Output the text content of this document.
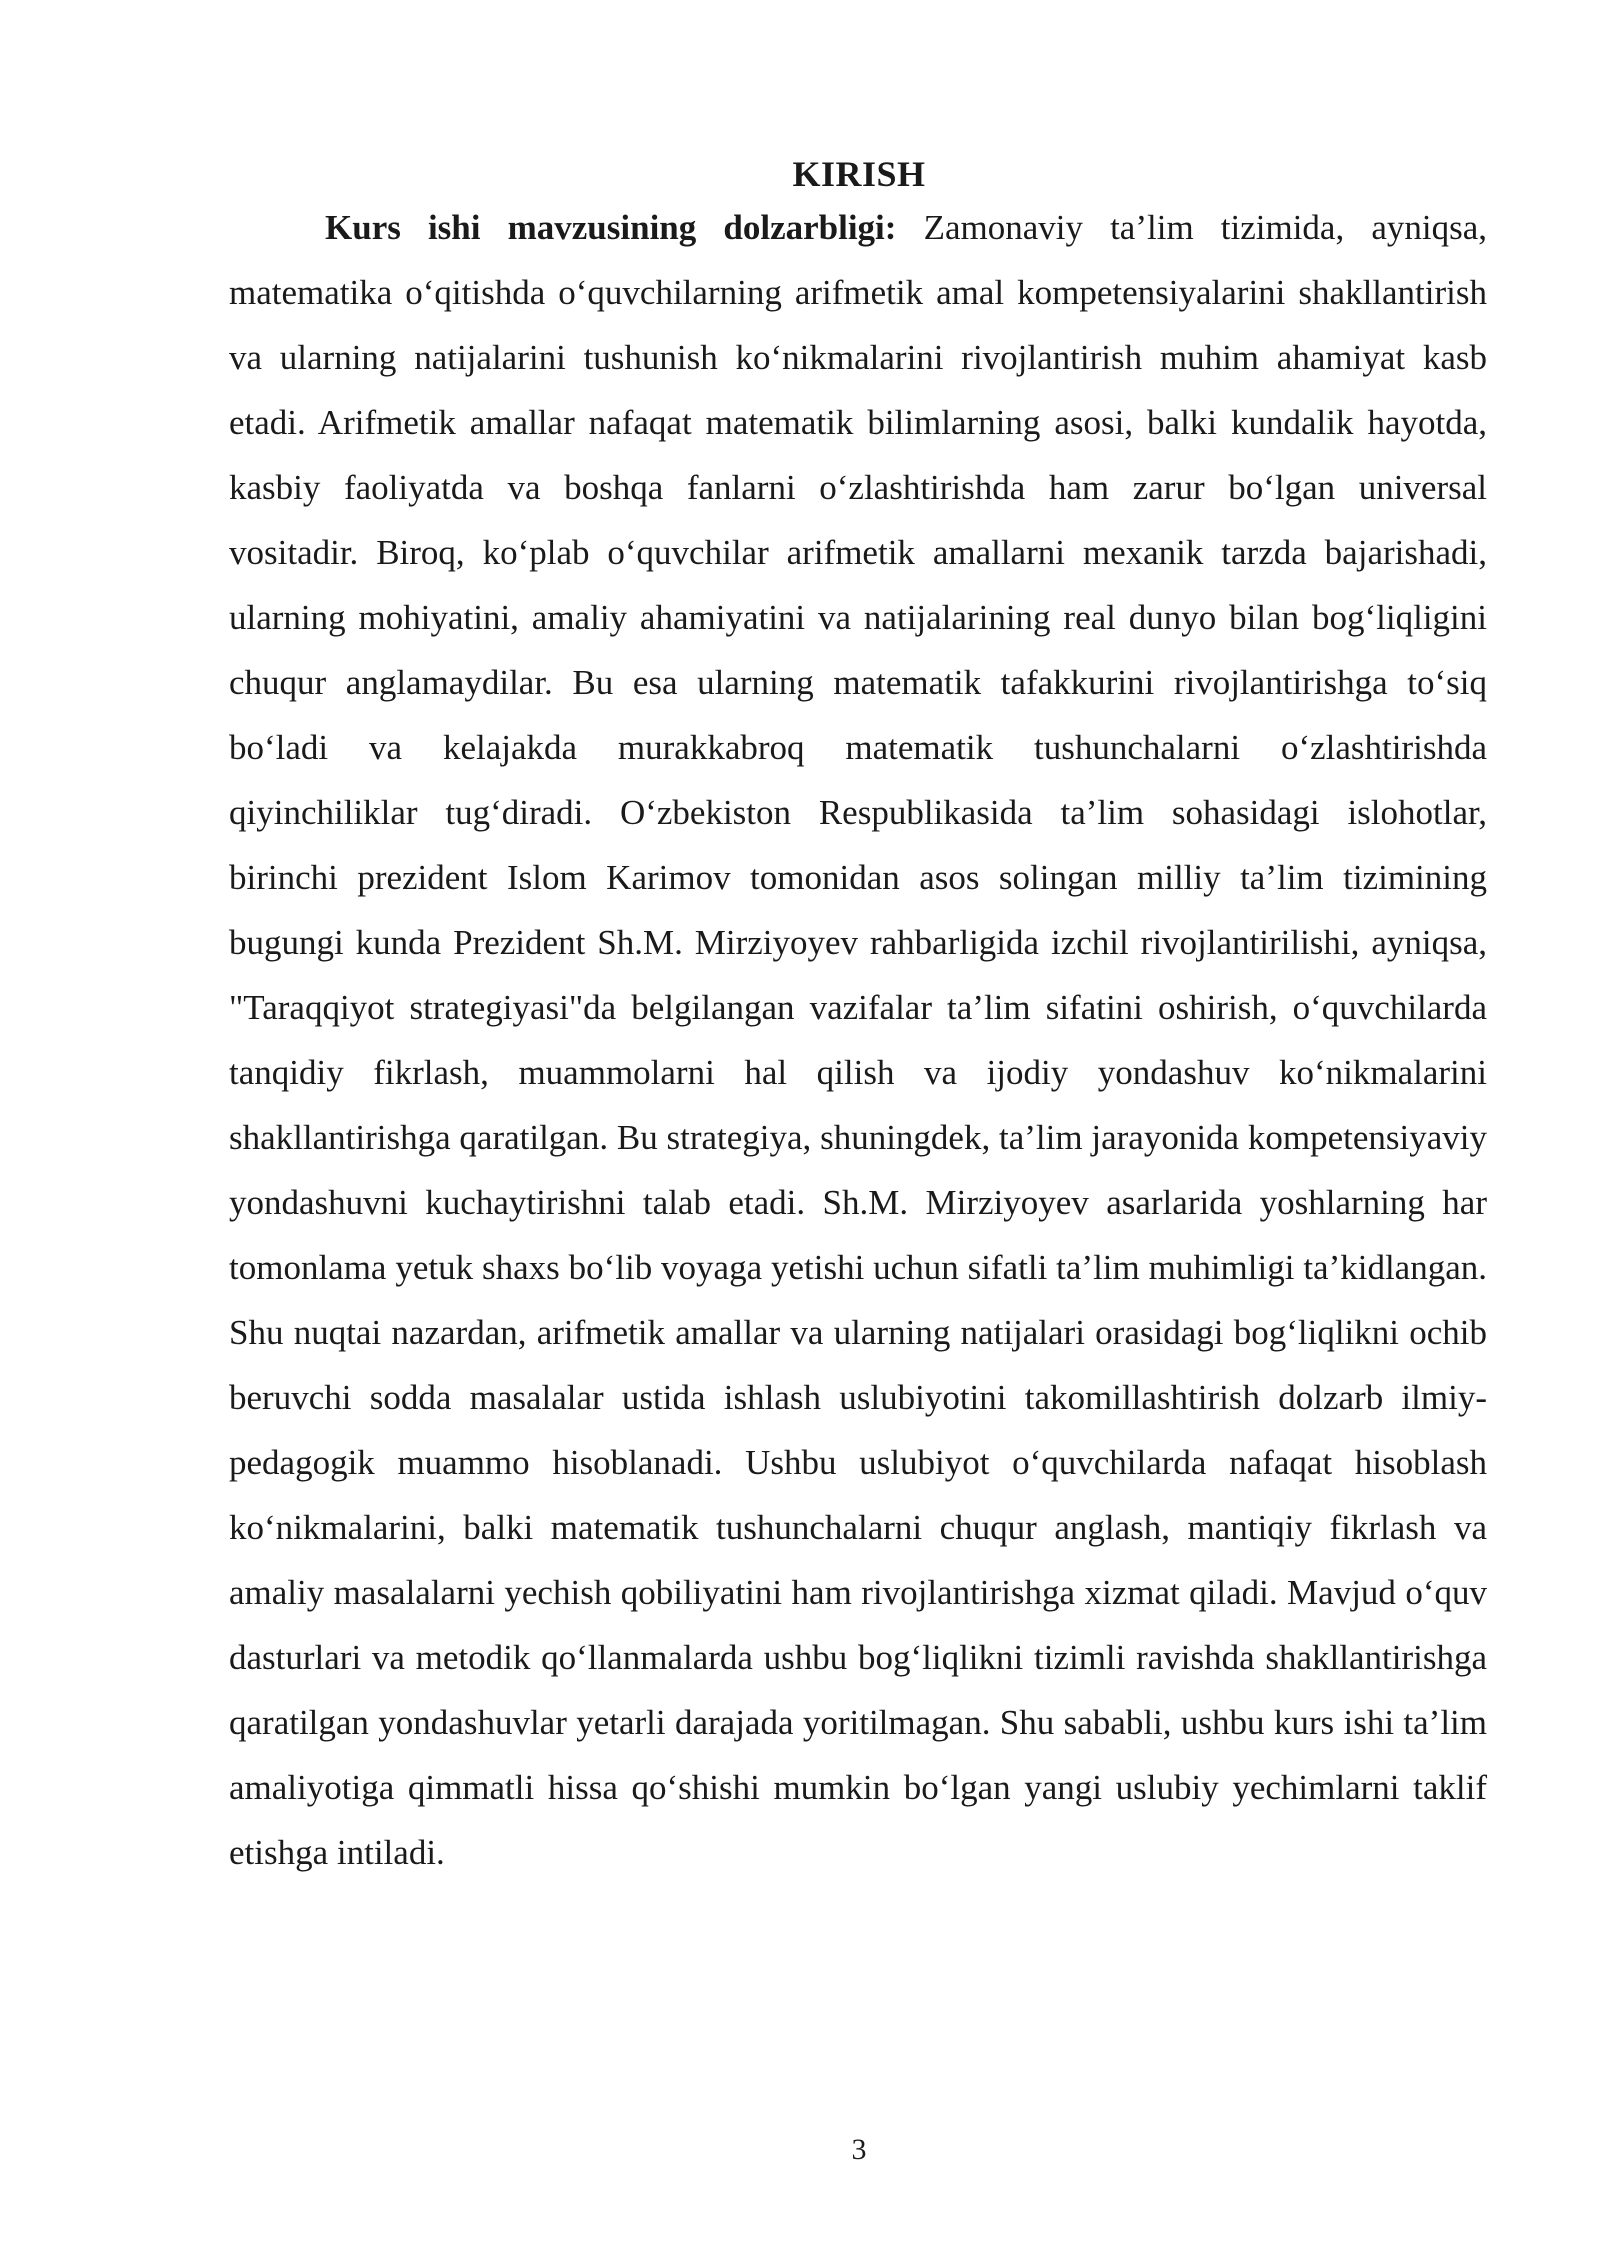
KIRISH

Kurs ishi mavzusining dolzarbligi: Zamonaviy ta’lim tizimida, ayniqsa, matematika o‘qitishda o‘quvchilarning arifmetik amal kompetensiyalarini shakllantirish va ularning natijalarini tushunish ko‘nikmalarini rivojlantirish muhim ahamiyat kasb etadi. Arifmetik amallar nafaqat matematik bilimlarning asosi, balki kundalik hayotda, kasbiy faoliyatda va boshqa fanlarni o‘zlashtirishda ham zarur bo‘lgan universal vositadir. Biroq, ko‘plab o‘quvchilar arifmetik amallarni mexanik tarzda bajarishadi, ularning mohiyatini, amaliy ahamiyatini va natijalarining real dunyo bilan bog‘liqligini chuqur anglamaydilar. Bu esa ularning matematik tafakkurini rivojlantirishga to‘siq bo‘ladi va kelajakda murakkabroq matematik tushunchalarni o‘zlashtirishda qiyinchiliklar tug‘diradi. O‘zbekiston Respublikasida ta’lim sohasidagi islohotlar, birinchi prezident Islom Karimov tomonidan asos solingan milliy ta’lim tizimining bugungi kunda Prezident Sh.M. Mirziyoyev rahbarligida izchil rivojlantirilishi, ayniqsa, "Taraqqiyot strategiyasi"da belgilangan vazifalar ta’lim sifatini oshirish, o‘quvchilarda tanqidiy fikrlash, muammolarni hal qilish va ijodiy yondashuv ko‘nikmalarini shakllantirishga qaratilgan. Bu strategiya, shuningdek, ta’lim jarayonida kompetensiyaviy yondashuvni kuchaytirishni talab etadi. Sh.M. Mirziyoyev asarlarida yoshlarning har tomonlama yetuk shaxs bo‘lib voyaga yetishi uchun sifatli ta’lim muhimligi ta’kidlangan. Shu nuqtai nazardan, arifmetik amallar va ularning natijalari orasidagi bog‘liqlikni ochib beruvchi sodda masalalar ustida ishlash uslubiyotini takomillashtirish dolzarb ilmiy-pedagogik muammo hisoblanadi. Ushbu uslubiyot o‘quvchilarda nafaqat hisoblash ko‘nikmalarini, balki matematik tushunchalarni chuqur anglash, mantiqiy fikrlash va amaliy masalalarni yechish qobiliyatini ham rivojlantirishga xizmat qiladi. Mavjud o‘quv dasturlari va metodik qo‘llanmalarda ushbu bog‘liqlikni tizimli ravishda shakllantirishga qaratilgan yondashuvlar yetarli darajada yoritilmagan. Shu sababli, ushbu kurs ishi ta’lim amaliyotiga qimmatli hissa qo‘shishi mumkin bo‘lgan yangi uslubiy yechimlarni taklif etishga intiladi.

3
